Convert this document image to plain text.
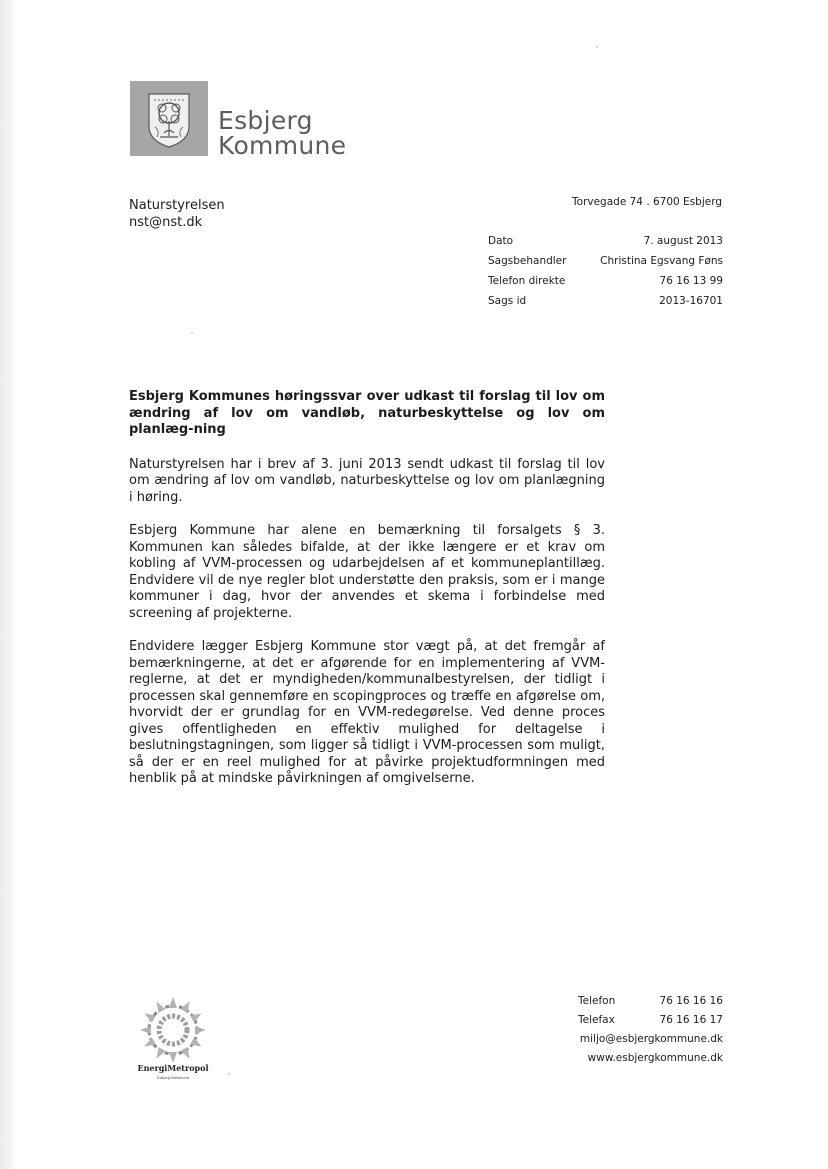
Esbjerg
Kommune
Naturstyrelsen
nst@nst.dk
Torvegade 74 . 6700 Esbjerg
Dato	7. august 2013
Sagsbehandler	Christina Egsvang Føns
Telefon direkte	76 16 13 99
Sags id	2013-16701
Esbjerg Kommunes høringssvar over udkast til forslag til lov om ændring af lov om vandløb, naturbeskyttelse og lov om planlæg-ning

Naturstyrelsen har i brev af 3. juni 2013 sendt udkast til forslag til lov om ændring af lov om vandløb, naturbeskyttelse og lov om planlægning i høring.

Esbjerg Kommune har alene en bemærkning til forsalgets § 3. Kommunen kan således bifalde, at der ikke længere er et krav om kobling af VVM-processen og udarbejdelsen af et kommuneplantillæg. Endvidere vil de nye regler blot understøtte den praksis, som er i mange kommuner i dag, hvor der anvendes et skema i forbindelse med screening af projekterne.

Endvidere lægger Esbjerg Kommune stor vægt på, at det fremgår af bemærkningerne, at det er afgørende for en implementering af VVM-reglerne, at det er myndigheden/kommunalbestyrelsen, der tidligt i processen skal gennemføre en scopingproces og træffe en afgørelse om, hvorvidt der er grundlag for en VVM-redegørelse. Ved denne proces gives offentligheden en effektiv mulighed for deltagelse i beslutningstagningen, som ligger så tidligt i VVM-processen som muligt, så der er en reel mulighed for at påvirke projektudformningen med henblik på at mindske påvirkningen af omgivelserne.

EnergiMetropol
Esbjerg Kommune
Telefon	76 16 16 16
Telefax	76 16 16 17
miljo@esbjergkommune.dk
www.esbjergkommune.dk
